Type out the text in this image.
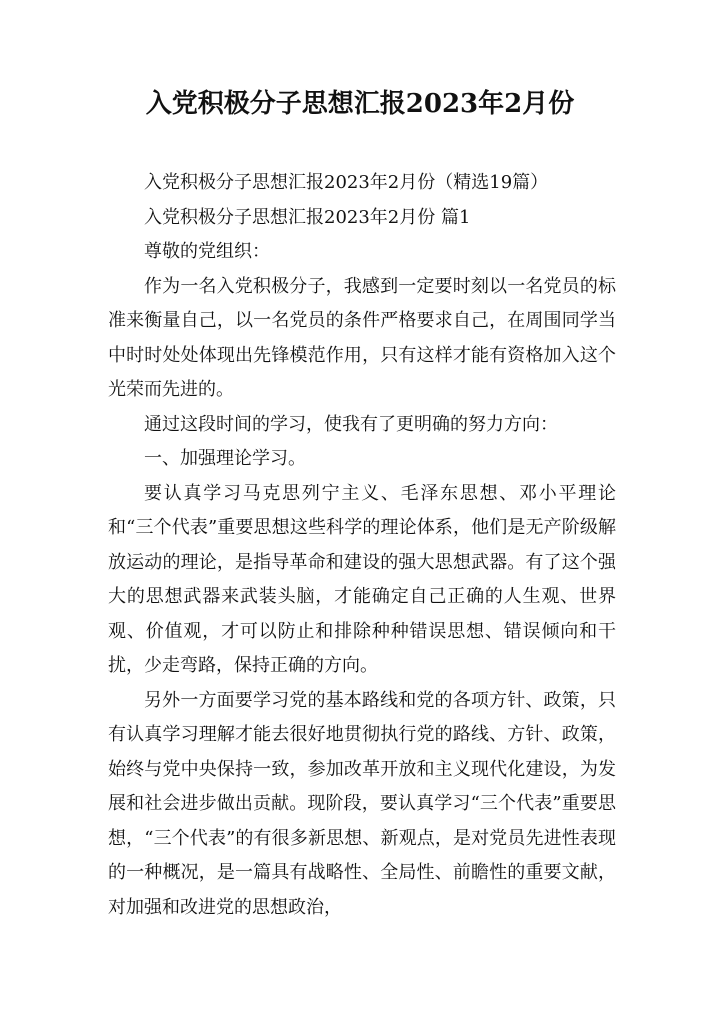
入党积极分子思想汇报2023年2月份

入党积极分子思想汇报2023年2月份（精选19篇）

入党积极分子思想汇报2023年2月份 篇1

尊敬的党组织：

作为一名入党积极分子，我感到一定要时刻以一名党员的标准来衡量自己，以一名党员的条件严格要求自己，在周围同学当中时时处处体现出先锋模范作用，只有这样才能有资格加入这个光荣而先进的。

通过这段时间的学习，使我有了更明确的努力方向：

一、加强理论学习。

要认真学习马克思列宁主义、毛泽东思想、邓小平理论和“三个代表”重要思想这些科学的理论体系，他们是无产阶级解放运动的理论，是指导革命和建设的强大思想武器。有了这个强大的思想武器来武装头脑，才能确定自己正确的人生观、世界观、价值观，才可以防止和排除种种错误思想、错误倾向和干扰，少走弯路，保持正确的方向。

另外一方面要学习党的基本路线和党的各项方针、政策，只有认真学习理解才能去很好地贯彻执行党的路线、方针、政策，始终与党中央保持一致，参加改革开放和主义现代化建设，为发展和社会进步做出贡献。现阶段，要认真学习“三个代表”重要思想，“三个代表”的有很多新思想、新观点，是对党员先进性表现的一种概况，是一篇具有战略性、全局性、前瞻性的重要文献，对加强和改进党的思想政治，
